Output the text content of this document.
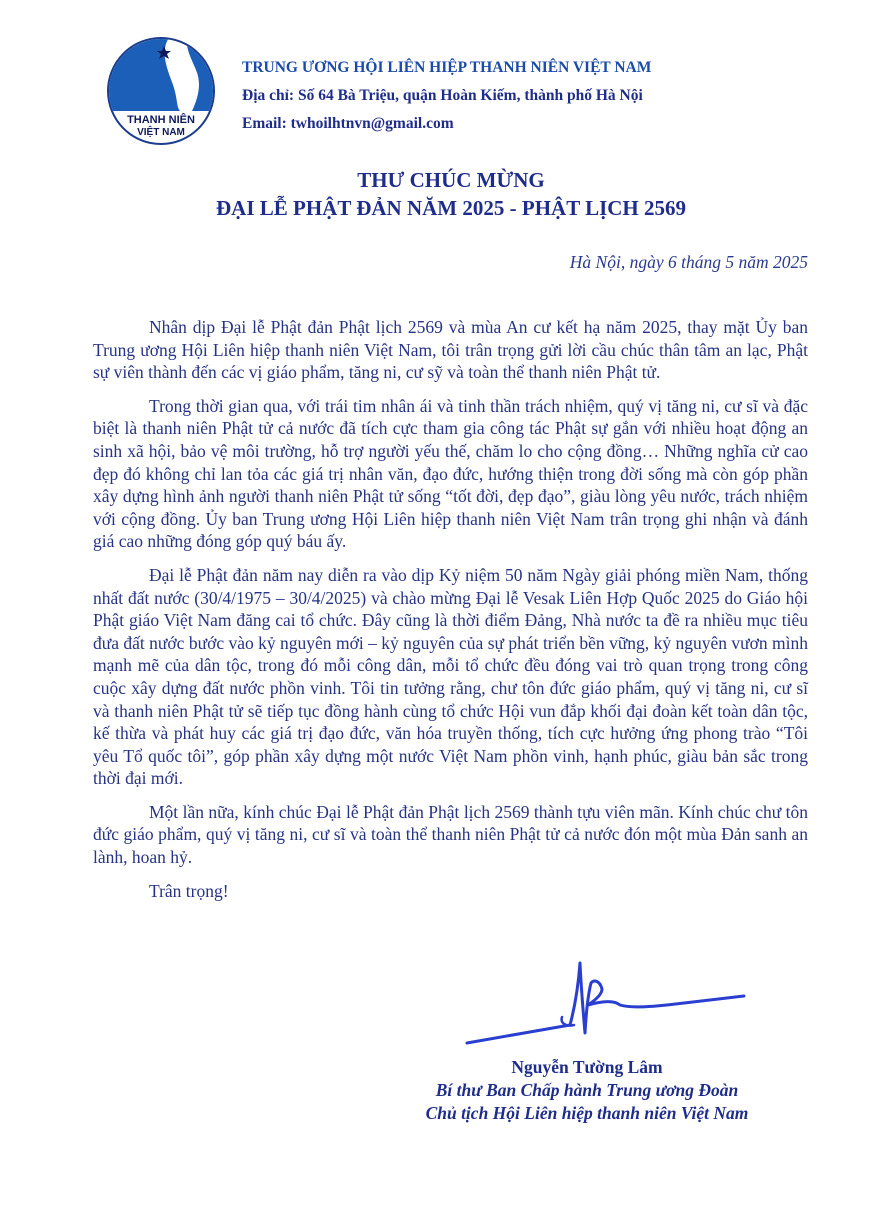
THANH NIÊN
VIỆT NAM
TRUNG ƯƠNG HỘI LIÊN HIỆP THANH NIÊN VIỆT NAM
Địa chỉ: Số 64 Bà Triệu, quận Hoàn Kiếm, thành phố Hà Nội
Email: twhoilhtnvn@gmail.com
THƯ CHÚC MỪNG
ĐẠI LỄ PHẬT ĐẢN NĂM 2025 - PHẬT LỊCH 2569
Hà Nội, ngày 6 tháng 5 năm 2025

Nhân dịp Đại lễ Phật đản Phật lịch 2569 và mùa An cư kết hạ năm 2025, thay mặt Ủy ban Trung ương Hội Liên hiệp thanh niên Việt Nam, tôi trân trọng gửi lời cầu chúc thân tâm an lạc, Phật sự viên thành đến các vị giáo phẩm, tăng ni, cư sỹ và toàn thể thanh niên Phật tử.

Trong thời gian qua, với trái tim nhân ái và tinh thần trách nhiệm, quý vị tăng ni, cư sĩ và đặc biệt là thanh niên Phật tử cả nước đã tích cực tham gia công tác Phật sự gắn với nhiều hoạt động an sinh xã hội, bảo vệ môi trường, hỗ trợ người yếu thế, chăm lo cho cộng đồng… Những nghĩa cử cao đẹp đó không chỉ lan tỏa các giá trị nhân văn, đạo đức, hướng thiện trong đời sống mà còn góp phần xây dựng hình ảnh người thanh niên Phật tử sống “tốt đời, đẹp đạo”, giàu lòng yêu nước, trách nhiệm với cộng đồng. Ủy ban Trung ương Hội Liên hiệp thanh niên Việt Nam trân trọng ghi nhận và đánh giá cao những đóng góp quý báu ấy.

Đại lễ Phật đản năm nay diễn ra vào dịp Kỷ niệm 50 năm Ngày giải phóng miền Nam, thống nhất đất nước (30/4/1975 – 30/4/2025) và chào mừng Đại lễ Vesak Liên Hợp Quốc 2025 do Giáo hội Phật giáo Việt Nam đăng cai tổ chức. Đây cũng là thời điểm Đảng, Nhà nước ta đề ra nhiều mục tiêu đưa đất nước bước vào kỷ nguyên mới – kỷ nguyên của sự phát triển bền vững, kỷ nguyên vươn mình mạnh mẽ của dân tộc, trong đó mỗi công dân, mỗi tổ chức đều đóng vai trò quan trọng trong công cuộc xây dựng đất nước phồn vinh. Tôi tin tưởng rằng, chư tôn đức giáo phẩm, quý vị tăng ni, cư sĩ và thanh niên Phật tử sẽ tiếp tục đồng hành cùng tổ chức Hội vun đắp khối đại đoàn kết toàn dân tộc, kế thừa và phát huy các giá trị đạo đức, văn hóa truyền thống, tích cực hưởng ứng phong trào “Tôi yêu Tổ quốc tôi”, góp phần xây dựng một nước Việt Nam phồn vinh, hạnh phúc, giàu bản sắc trong thời đại mới.

Một lần nữa, kính chúc Đại lễ Phật đản Phật lịch 2569 thành tựu viên mãn. Kính chúc chư tôn đức giáo phẩm, quý vị tăng ni, cư sĩ và toàn thể thanh niên Phật tử cả nước đón một mùa Đản sanh an lành, hoan hỷ.

Trân trọng!

Nguyễn Tường Lâm
Bí thư Ban Chấp hành Trung ương Đoàn
Chủ tịch Hội Liên hiệp thanh niên Việt Nam
